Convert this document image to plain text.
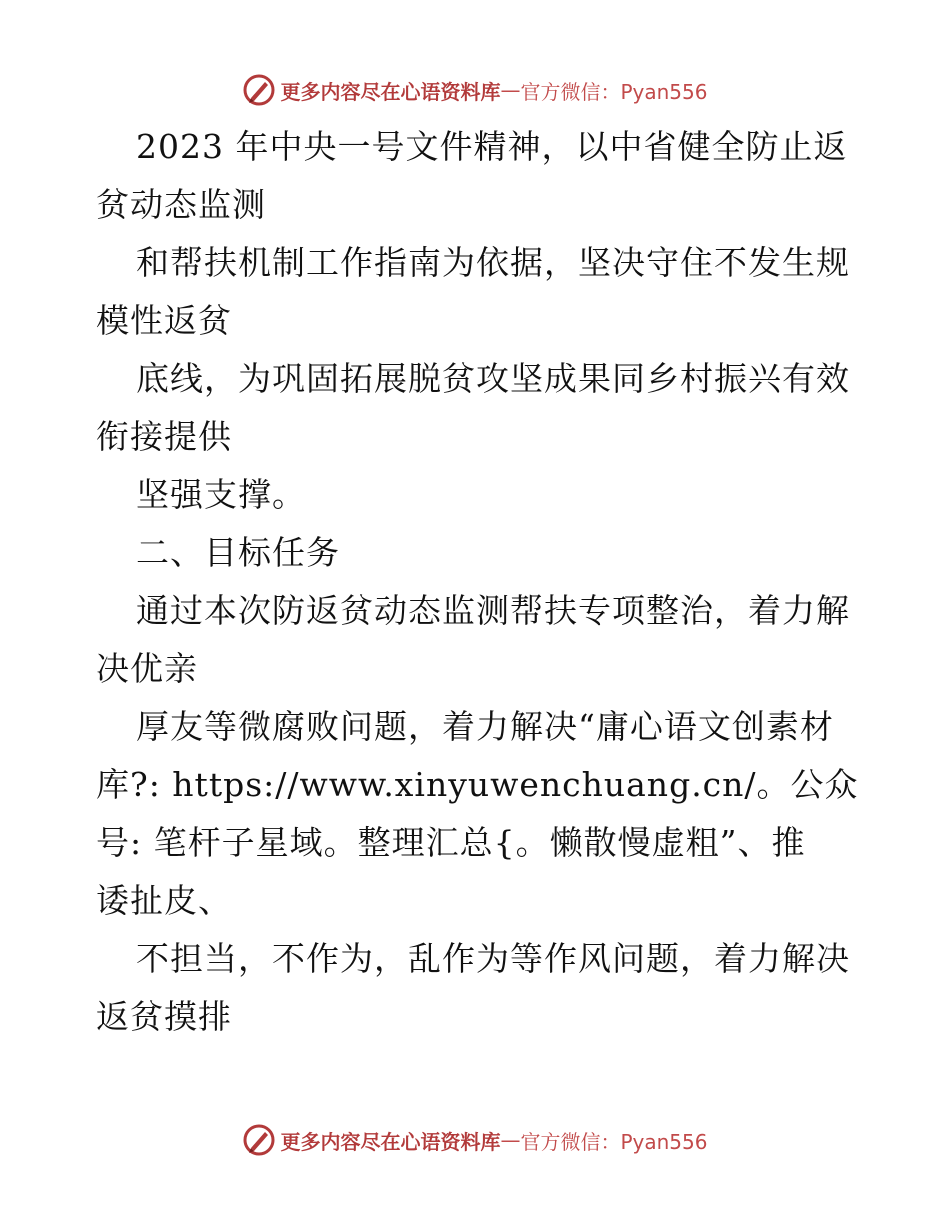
更多内容尽在心语资料库 — 官方微信：Pyan556
2023 年中央一号文件精神，以中省健全防止返
贫动态监测
和帮扶机制工作指南为依据，坚决守住不发生规
模性返贫
底线，为巩固拓展脱贫攻坚成果同乡村振兴有效
衔接提供
坚强支撑。
二、目标任务
通过本次防返贫动态监测帮扶专项整治，着力解
决优亲
厚友等微腐败问题，着力解决“庸心语文创素材
库?: https://www.xinyuwenchuang.cn/。公众
号: 笔杆子星域。整理汇总{。懒散慢虚粗”、推
诿扯皮、
不担当，不作为，乱作为等作风问题，着力解决
返贫摸排
更多内容尽在心语资料库 — 官方微信：Pyan556
